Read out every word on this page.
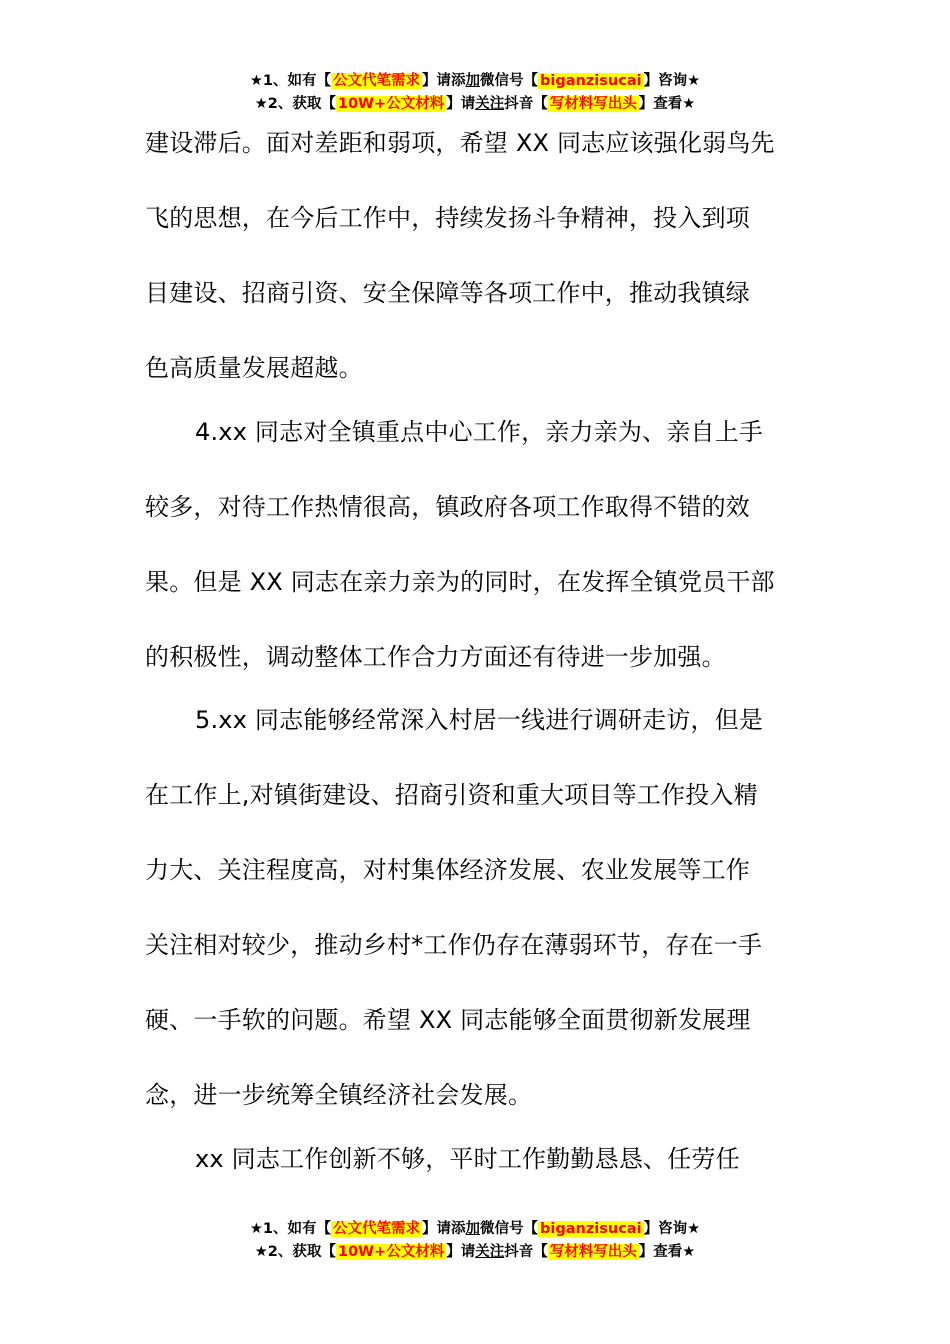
★1、如有【 公文代笔需求 】请添加微信号【 biganzisucai 】咨询★
★2、获取【 10W+公文材料 】请关注抖音【 写材料写出头 】查看★
建设滞后。面对差距和弱项，希望 XX 同志应该强化弱鸟先
飞的思想，在今后工作中，持续发扬斗争精神，投入到项
目建设、招商引资、安全保障等各项工作中，推动我镇绿
色高质量发展超越。
4.xx 同志对全镇重点中心工作，亲力亲为、亲自上手
较多，对待工作热情很高，镇政府各项工作取得不错的效
果。但是 XX 同志在亲力亲为的同时，在发挥全镇党员干部
的积极性，调动整体工作合力方面还有待进一步加强。
5.xx 同志能够经常深入村居一线进行调研走访，但是
在工作上,对镇街建设、招商引资和重大项目等工作投入精
力大、关注程度高，对村集体经济发展、农业发展等工作
关注相对较少，推动乡村*工作仍存在薄弱环节，存在一手
硬、一手软的问题。希望 XX 同志能够全面贯彻新发展理
念，进一步统筹全镇经济社会发展。
xx 同志工作创新不够，平时工作勤勤恳恳、任劳任
★1、如有【 公文代笔需求 】请添加微信号【 biganzisucai 】咨询★
★2、获取【 10W+公文材料 】请关注抖音【 写材料写出头 】查看★
